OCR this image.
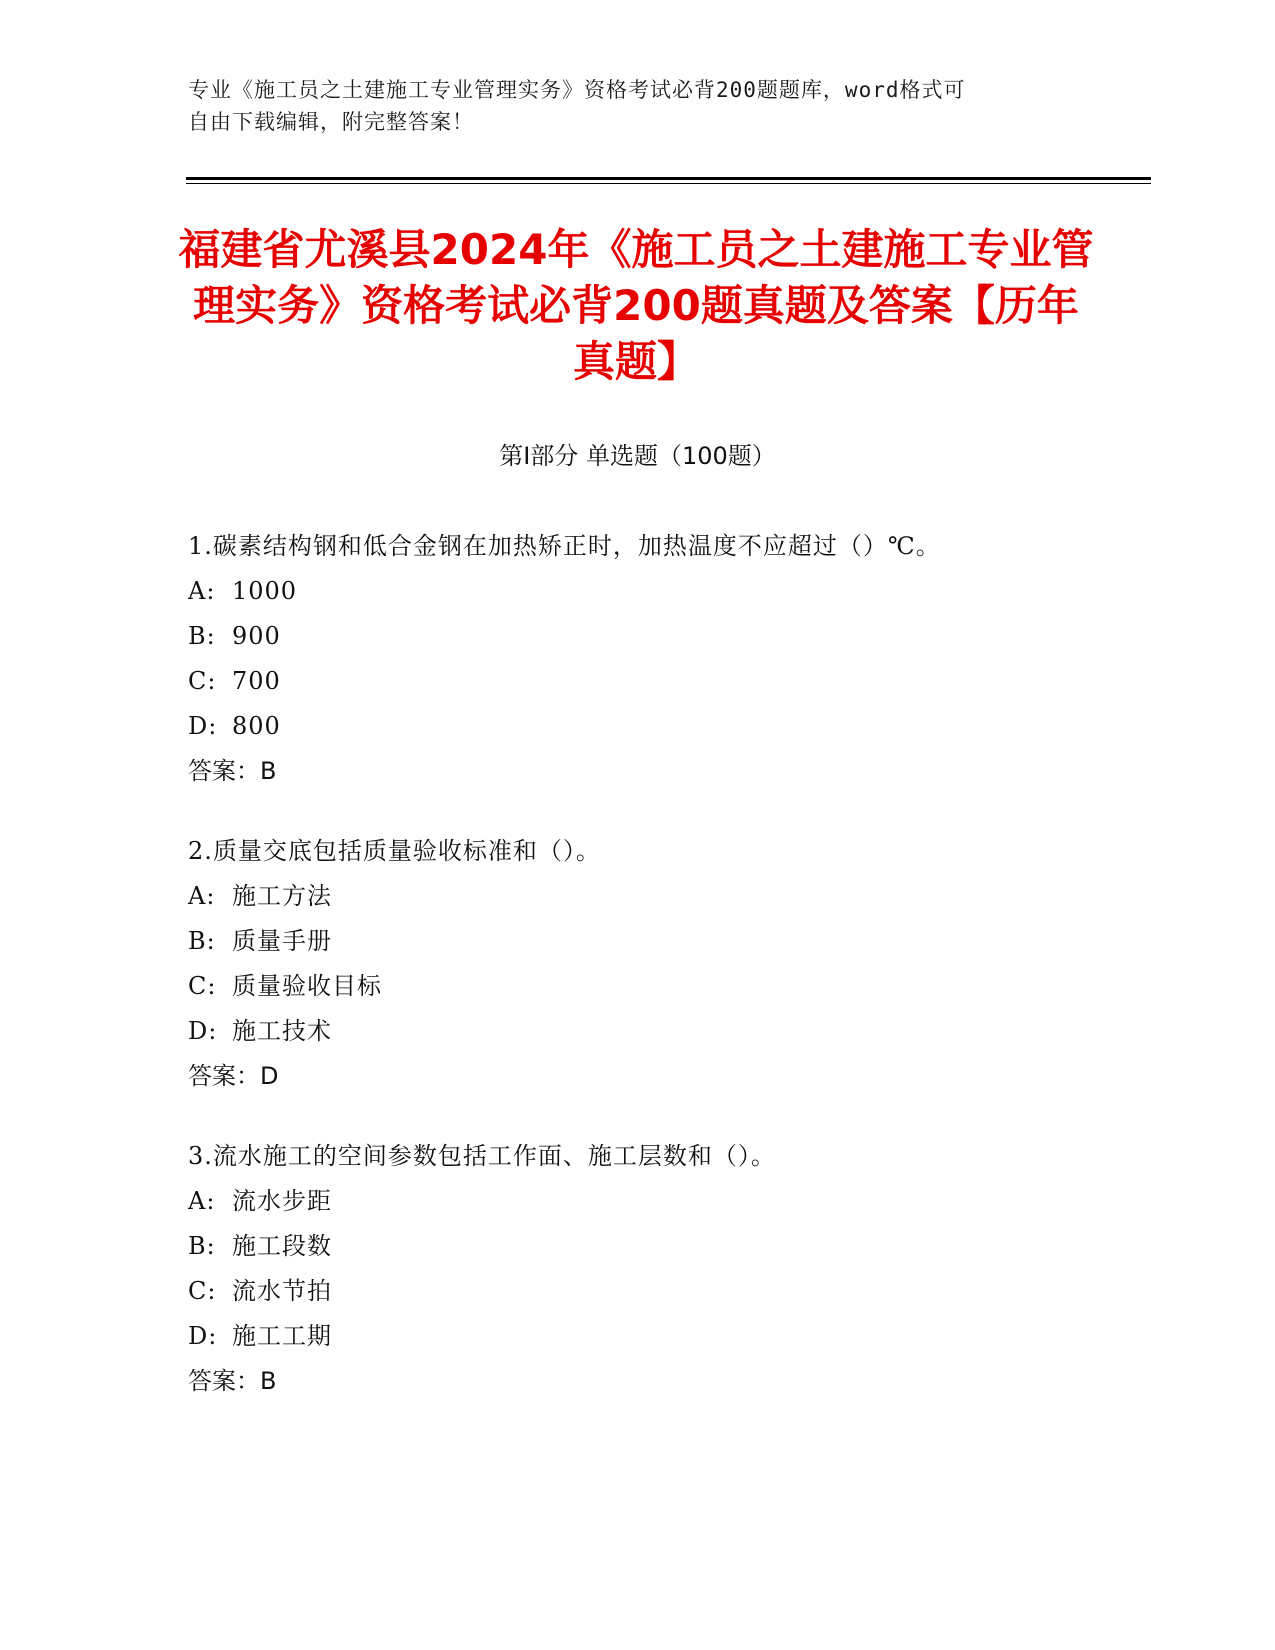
专业《施工员之土建施工专业管理实务》资格考试必背200题题库，word格式可
自由下载编辑，附完整答案！
福建省尤溪县2024年《施工员之土建施工专业管理实务》资格考试必背200题真题及答案【历年真题】
第Ⅰ部分 单选题（100题）
1.碳素结构钢和低合金钢在加热矫正时，加热温度不应超过（）℃。
A: 1000
B: 900
C: 700
D: 800
答案：B
2.质量交底包括质量验收标准和（）。
A: 施工方法
B: 质量手册
C: 质量验收目标
D: 施工技术
答案：D
3.流水施工的空间参数包括工作面、施工层数和（）。
A: 流水步距
B: 施工段数
C: 流水节拍
D: 施工工期
答案：B
